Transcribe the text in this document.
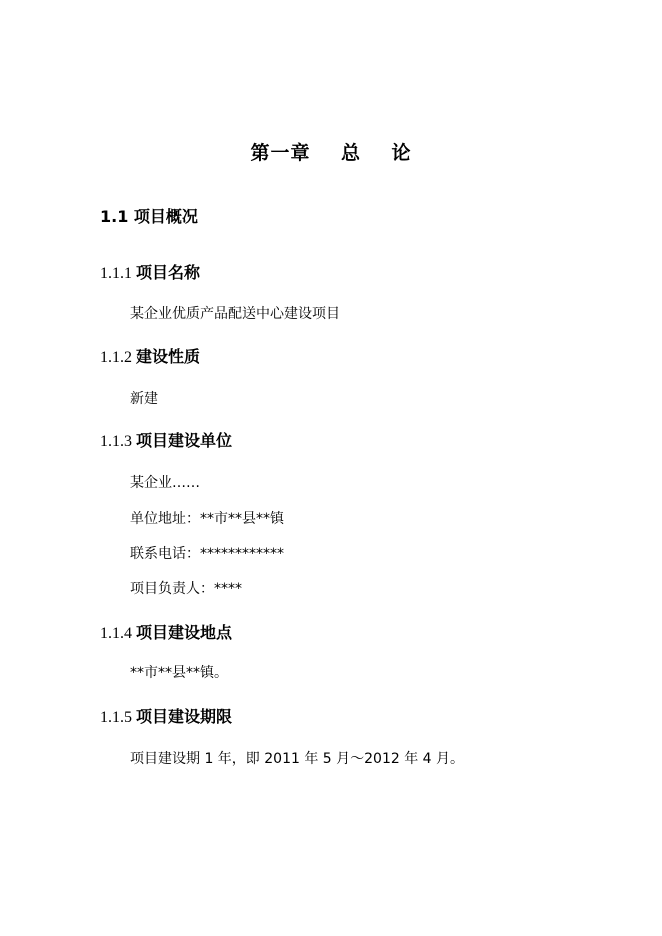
第一章    总    论
1.1 项目概况
1.1.1 项目名称

某企业优质产品配送中心建设项目

1.1.2 建设性质

新建

1.1.3 项目建设单位

某企业……

单位地址：**市**县**镇

联系电话：************

项目负责人：****

1.1.4 项目建设地点

**市**县**镇。

1.1.5 项目建设期限

项目建设期 1 年，即 2011 年 5 月～2012 年 4 月。
